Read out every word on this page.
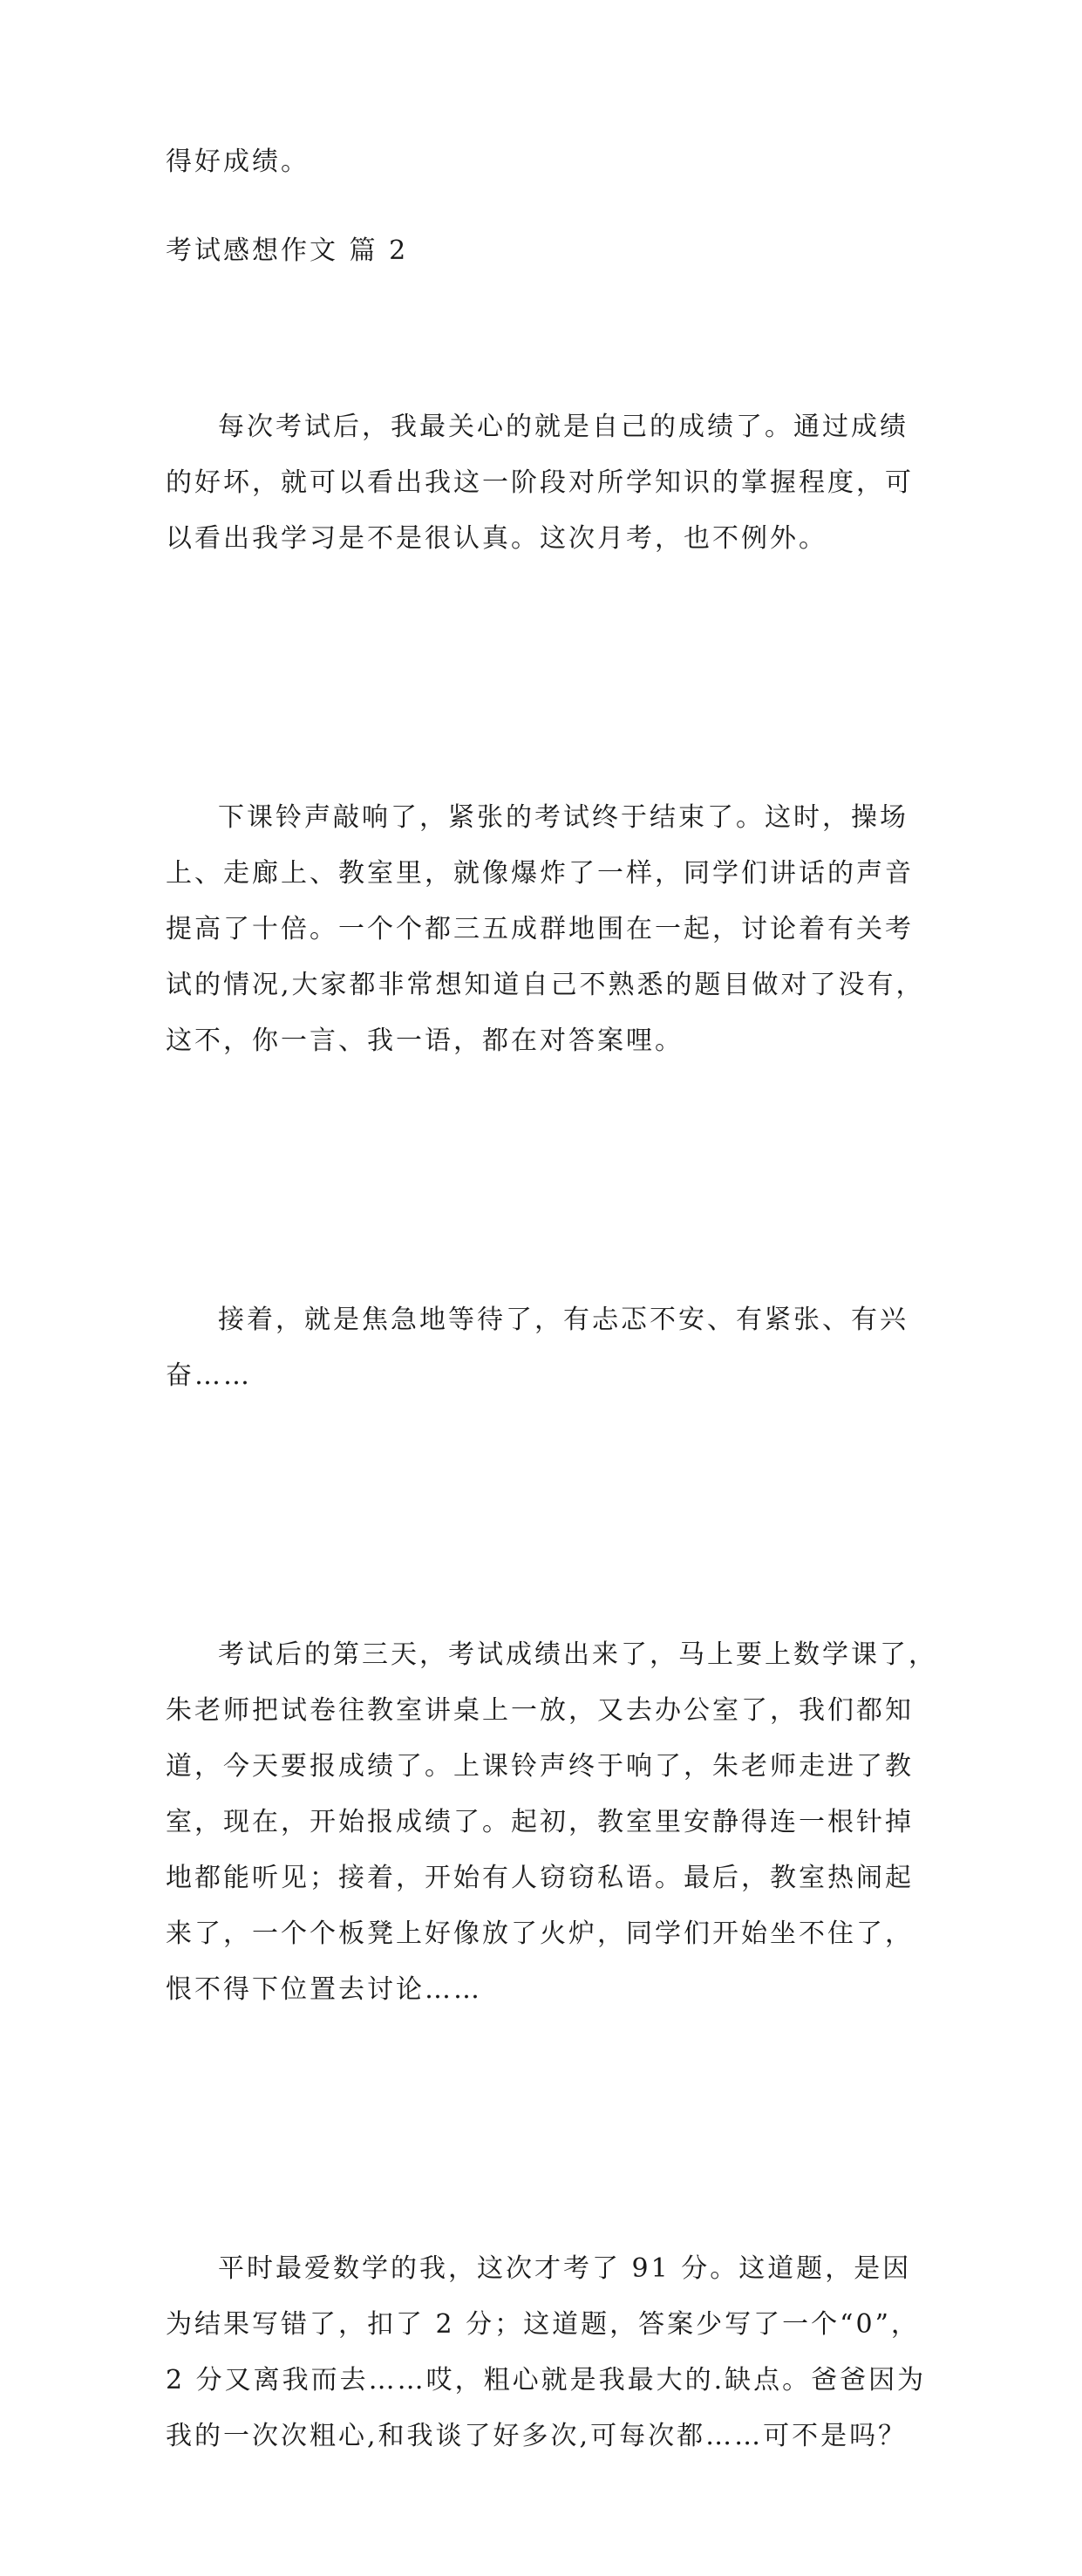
得好成绩。
考试感想作文 篇 2

每次考试后，我最关心的就是自己的成绩了。通过成绩
的好坏，就可以看出我这一阶段对所学知识的掌握程度，可
以看出我学习是不是很认真。这次月考，也不例外。

下课铃声敲响了，紧张的考试终于结束了。这时，操场
上、走廊上、教室里，就像爆炸了一样，同学们讲话的声音
提高了十倍。一个个都三五成群地围在一起，讨论着有关考
试的情况,大家都非常想知道自己不熟悉的题目做对了没有，
这不，你一言、我一语，都在对答案哩。

接着，就是焦急地等待了，有忐忑不安、有紧张、有兴
奋……

考试后的第三天，考试成绩出来了，马上要上数学课了，
朱老师把试卷往教室讲桌上一放，又去办公室了，我们都知
道，今天要报成绩了。上课铃声终于响了，朱老师走进了教
室，现在，开始报成绩了。起初，教室里安静得连一根针掉
地都能听见；接着，开始有人窃窃私语。最后，教室热闹起
来了，一个个板凳上好像放了火炉，同学们开始坐不住了，
恨不得下位置去讨论……

平时最爱数学的我，这次才考了 91 分。这道题，是因
为结果写错了，扣了 2 分；这道题，答案少写了一个“0”，
2 分又离我而去……哎，粗心就是我最大的.缺点。爸爸因为
我的一次次粗心,和我谈了好多次,可每次都……可不是吗？
